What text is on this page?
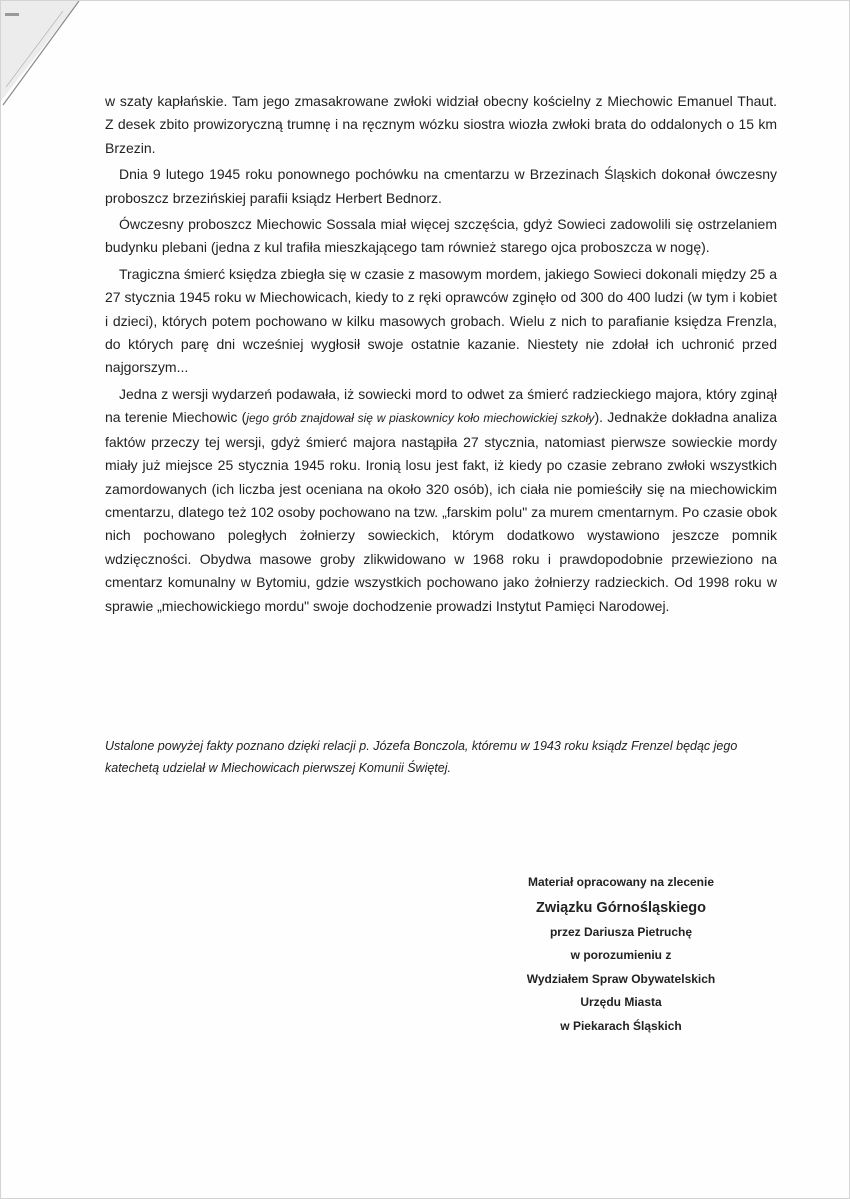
w szaty kapłańskie. Tam jego zmasakrowane zwłoki widział obecny kościelny z Miechowic Emanuel Thaut. Z desek zbito prowizoryczną trumnę i na ręcznym wózku siostra wiozła zwłoki brata do oddalonych o 15 km Brzezin.

Dnia 9 lutego 1945 roku ponownego pochówku na cmentarzu w Brzezinach Śląskich dokonał ówczesny proboszcz brzezińskiej parafii ksiądz Herbert Bednorz.

Ówczesny proboszcz Miechowic Sossala miał więcej szczęścia, gdyż Sowieci zadowolili się ostrzelaniem budynku plebani (jedna z kul trafiła mieszkającego tam również starego ojca proboszcza w nogę).

Tragiczna śmierć księdza zbiegła się w czasie z masowym mordem, jakiego Sowieci dokonali między 25 a 27 stycznia 1945 roku w Miechowicach, kiedy to z ręki oprawców zginęło od 300 do 400 ludzi (w tym i kobiet i dzieci), których potem pochowano w kilku masowych grobach. Wielu z nich to parafianie księdza Frenzla, do których parę dni wcześniej wygłosił swoje ostatnie kazanie. Niestety nie zdołał ich uchronić przed najgorszym...

Jedna z wersji wydarzeń podawała, iż sowiecki mord to odwet za śmierć radzieckiego majora, który zginął na terenie Miechowic (jego grób znajdował się w piaskownicy koło miechowickiej szkoły). Jednakże dokładna analiza faktów przeczy tej wersji, gdyż śmierć majora nastąpiła 27 stycznia, natomiast pierwsze sowieckie mordy miały już miejsce 25 stycznia 1945 roku. Ironią losu jest fakt, iż kiedy po czasie zebrano zwłoki wszystkich zamordowanych (ich liczba jest oceniana na około 320 osób), ich ciała nie pomieściły się na miechowickim cmentarzu, dlatego też 102 osoby pochowano na tzw. „farskim polu" za murem cmentarnym. Po czasie obok nich pochowano poległych żołnierzy sowieckich, którym dodatkowo wystawiono jeszcze pomnik wdzięczności. Obydwa masowe groby zlikwidowano w 1968 roku i prawdopodobnie przewieziono na cmentarz komunalny w Bytomiu, gdzie wszystkich pochowano jako żołnierzy radzieckich. Od 1998 roku w sprawie „miechowickiego mordu" swoje dochodzenie prowadzi Instytut Pamięci Narodowej.

Ustalone powyżej fakty poznano dzięki relacji p. Józefa Bonczola, któremu w 1943 roku ksiądz Frenzel będąc jego katechetą udzielał w Miechowicach pierwszej Komunii Świętej.
Materiał opracowany na zlecenie
Związku Górnośląskiego
przez Dariusza Pietruchę
w porozumieniu z
Wydziałem Spraw Obywatelskich
Urzędu Miasta
w Piekarach Śląskich
